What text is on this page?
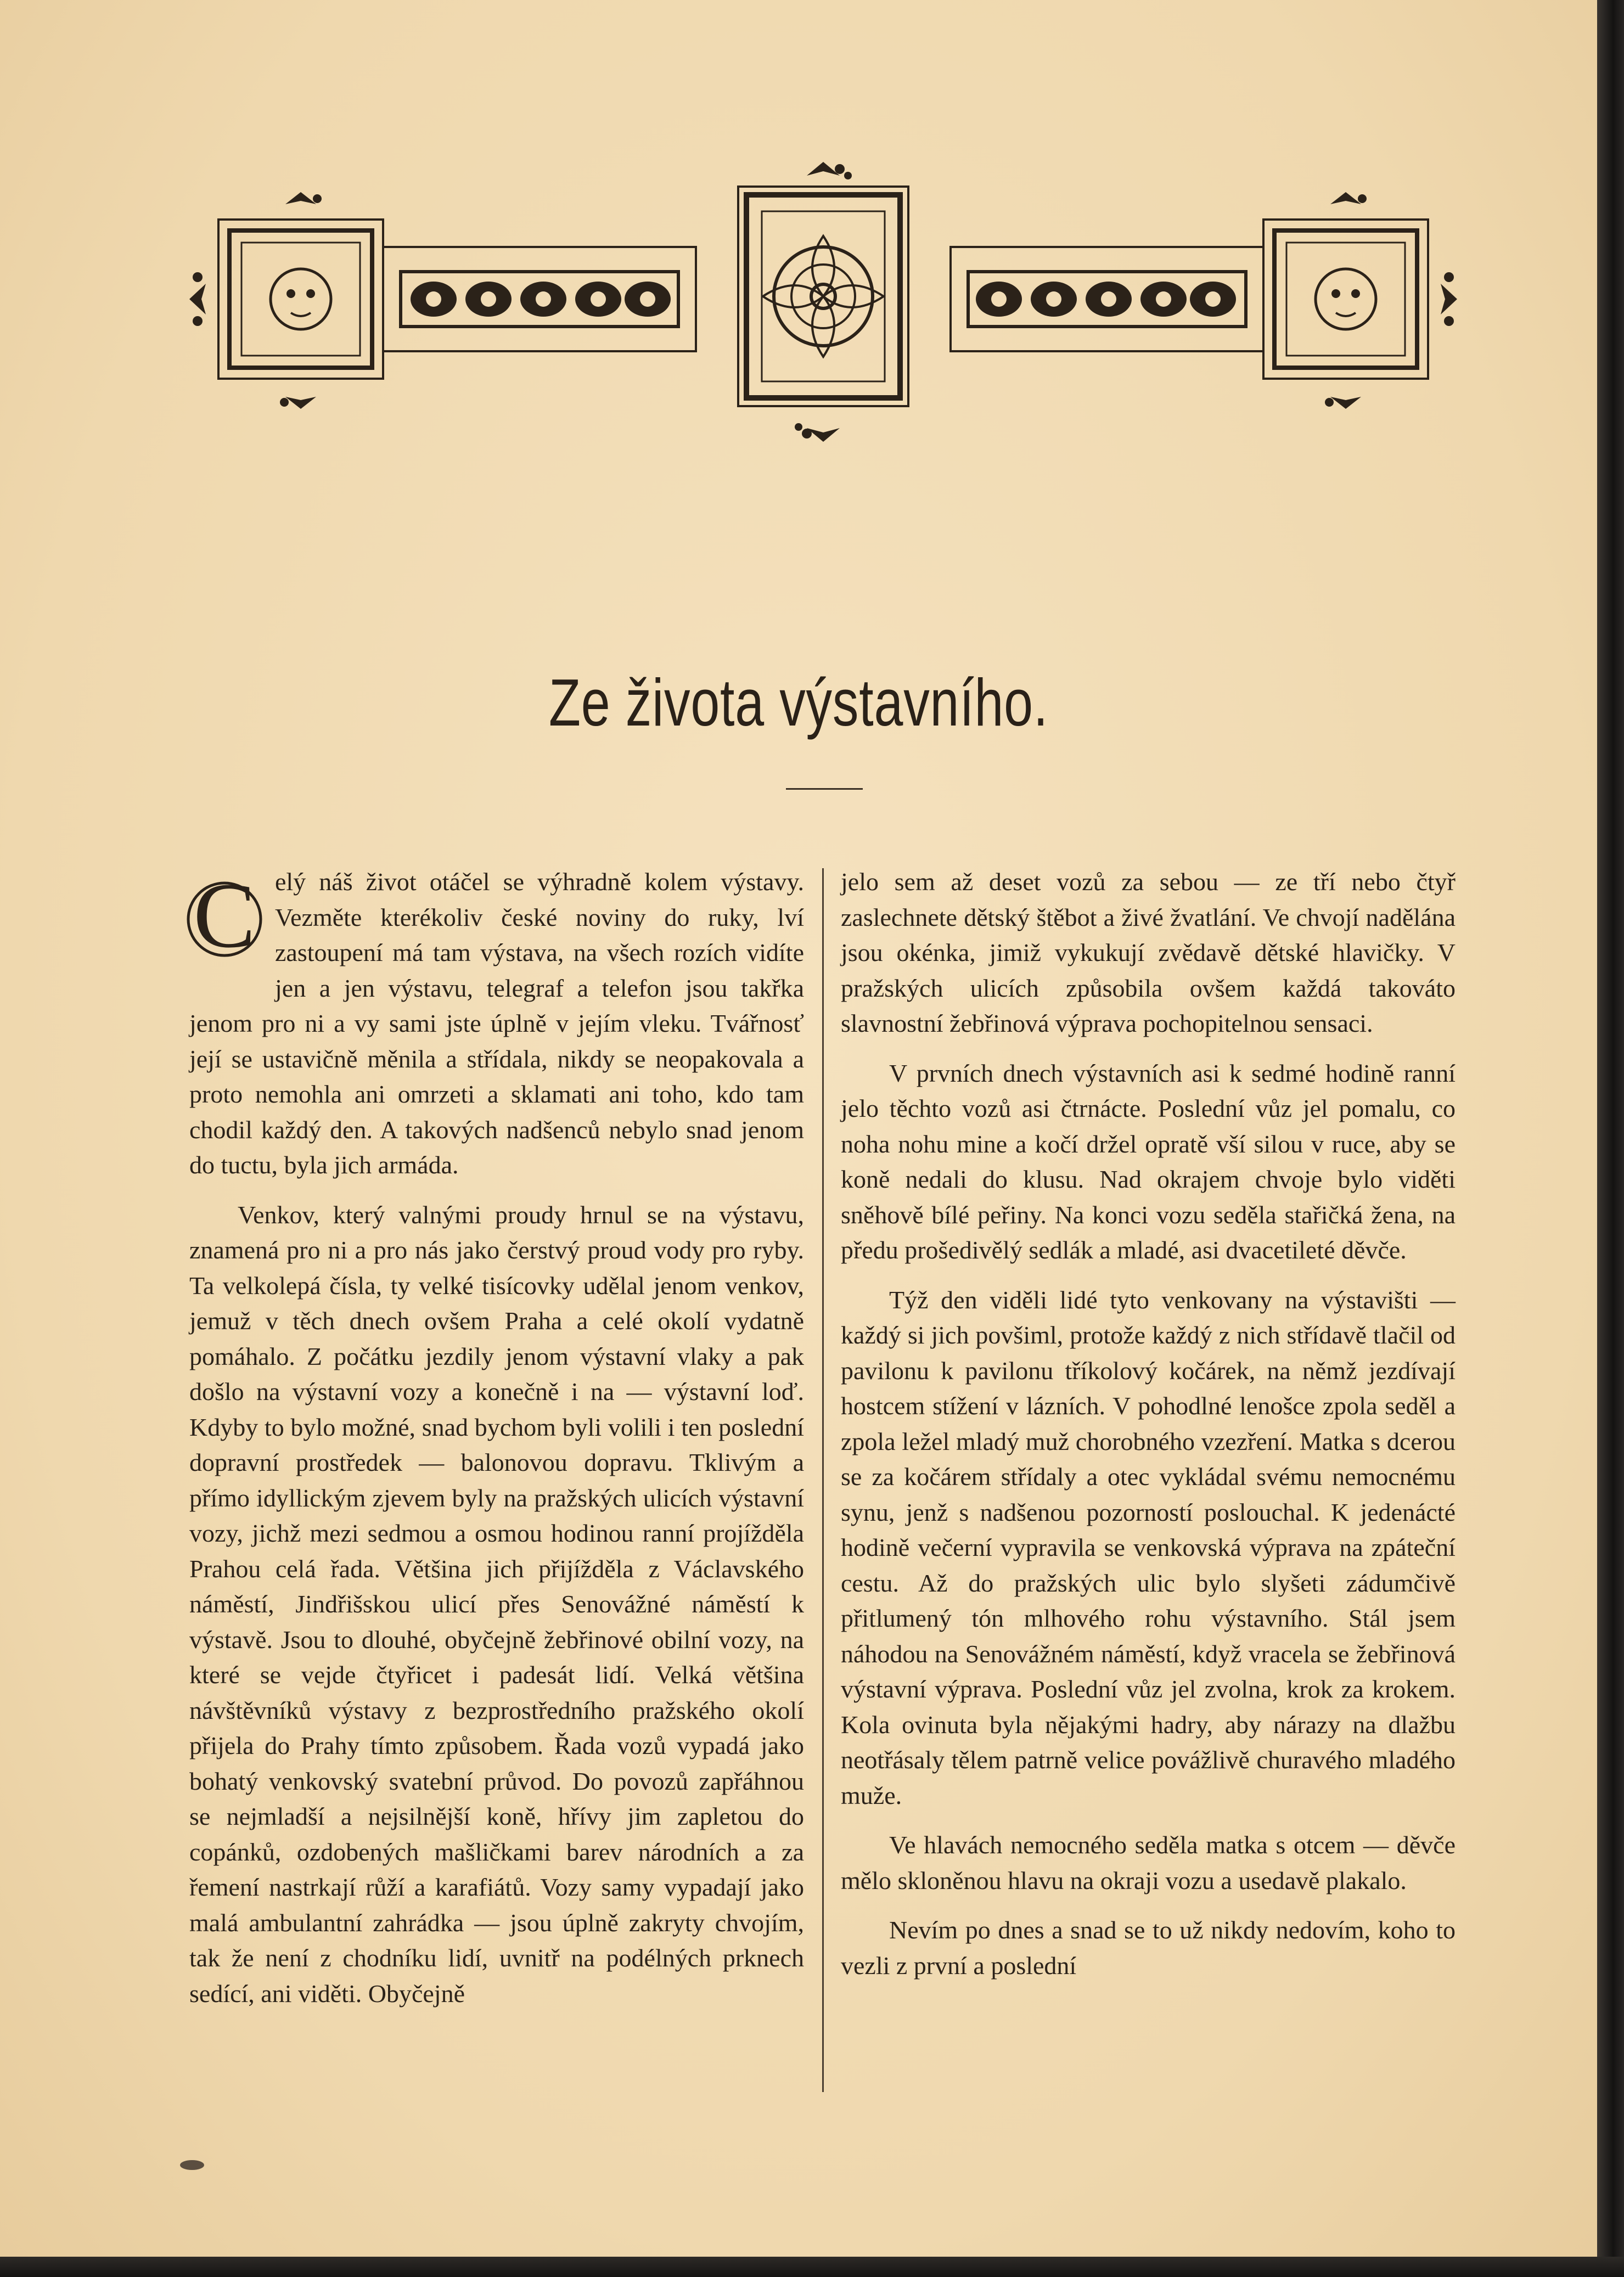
Ze života výstavního.

C elý náš život otáčel se výhradně kolem výstavy. Vezměte kterékoliv české noviny do ruky, lví zastoupení má tam výstava, na všech rozích vidíte jen a jen výstavu, telegraf a telefon jsou takřka jenom pro ni a vy sami jste úplně v jejím vleku. Tvářnosť její se ustavičně měnila a střídala, nikdy se neopakovala a proto nemohla ani omrzeti a sklamati ani toho, kdo tam chodil každý den. A takových nadšenců nebylo snad jenom do tuctu, byla jich armáda.

Venkov, který valnými proudy hrnul se na výstavu, znamená pro ni a pro nás jako čerstvý proud vody pro ryby. Ta velkolepá čísla, ty velké tisícovky udělal jenom venkov, jemuž v těch dnech ovšem Praha a celé okolí vydatně pomáhalo. Z počátku jezdily jenom výstavní vlaky a pak došlo na výstavní vozy a konečně i na — výstavní loď. Kdyby to bylo možné, snad bychom byli volili i ten poslední dopravní prostředek — balonovou dopravu. Tklivým a přímo idyllickým zjevem byly na pražských ulicích výstavní vozy, jichž mezi sedmou a osmou hodinou ranní projížděla Prahou celá řada. Většina jich přijížděla z Václavského náměstí, Jindřišskou ulicí přes Senovážné náměstí k výstavě. Jsou to dlouhé, obyčejně žebřinové obilní vozy, na které se vejde čtyřicet i padesát lidí. Velká většina návštěvníků výstavy z bezprostředního pražského okolí přijela do Prahy tímto způsobem. Řada vozů vypadá jako bohatý venkovský svatební průvod. Do povozů zapřáhnou se nejmladší a nejsilnější koně, hřívy jim zapletou do copánků, ozdobených mašličkami barev národních a za řemení nastrkají růží a karafiátů. Vozy samy vypadají jako malá ambulantní zahrádka — jsou úplně zakryty chvojím, tak že není z chodníku lidí, uvnitř na podélných prknech sedící, ani viděti. Obyčejně

jelo sem až deset vozů za sebou — ze tří nebo čtyř zaslechnete dětský štěbot a živé žvatlání. Ve chvojí nadělána jsou okénka, jimiž vykukují zvědavě dětské hlavičky. V pražských ulicích způsobila ovšem každá takováto slavnostní žebřinová výprava pochopitelnou sensaci.

V prvních dnech výstavních asi k sedmé hodině ranní jelo těchto vozů asi čtrnácte. Poslední vůz jel pomalu, co noha nohu mine a kočí držel opratě vší silou v ruce, aby se koně nedali do klusu. Nad okrajem chvoje bylo viděti sněhově bílé peřiny. Na konci vozu seděla stařičká žena, na předu prošedivělý sedlák a mladé, asi dvacetileté děvče.

Týž den viděli lidé tyto venkovany na výstavišti — každý si jich povšiml, protože každý z nich střídavě tlačil od pavilonu k pavilonu tříkolový kočárek, na němž jezdívají hostcem stížení v lázních. V pohodlné lenošce zpola seděl a zpola ležel mladý muž chorobného vzezření. Matka s dcerou se za kočárem střídaly a otec vykládal svému nemocnému synu, jenž s nadšenou pozorností poslouchal. K jedenácté hodině večerní vypravila se venkovská výprava na zpáteční cestu. Až do pražských ulic bylo slyšeti zádumčivě přitlumený tón mlhového rohu výstavního. Stál jsem náhodou na Senovážném náměstí, když vracela se žebřinová výstavní výprava. Poslední vůz jel zvolna, krok za krokem. Kola ovinuta byla nějakými hadry, aby nárazy na dlažbu neotřásaly tělem patrně velice povážlivě churavého mladého muže.

Ve hlavách nemocného seděla matka s otcem — děvče mělo skloněnou hlavu na okraji vozu a usedavě plakalo.

Nevím po dnes a snad se to už nikdy nedovím, koho to vezli z první a poslední
